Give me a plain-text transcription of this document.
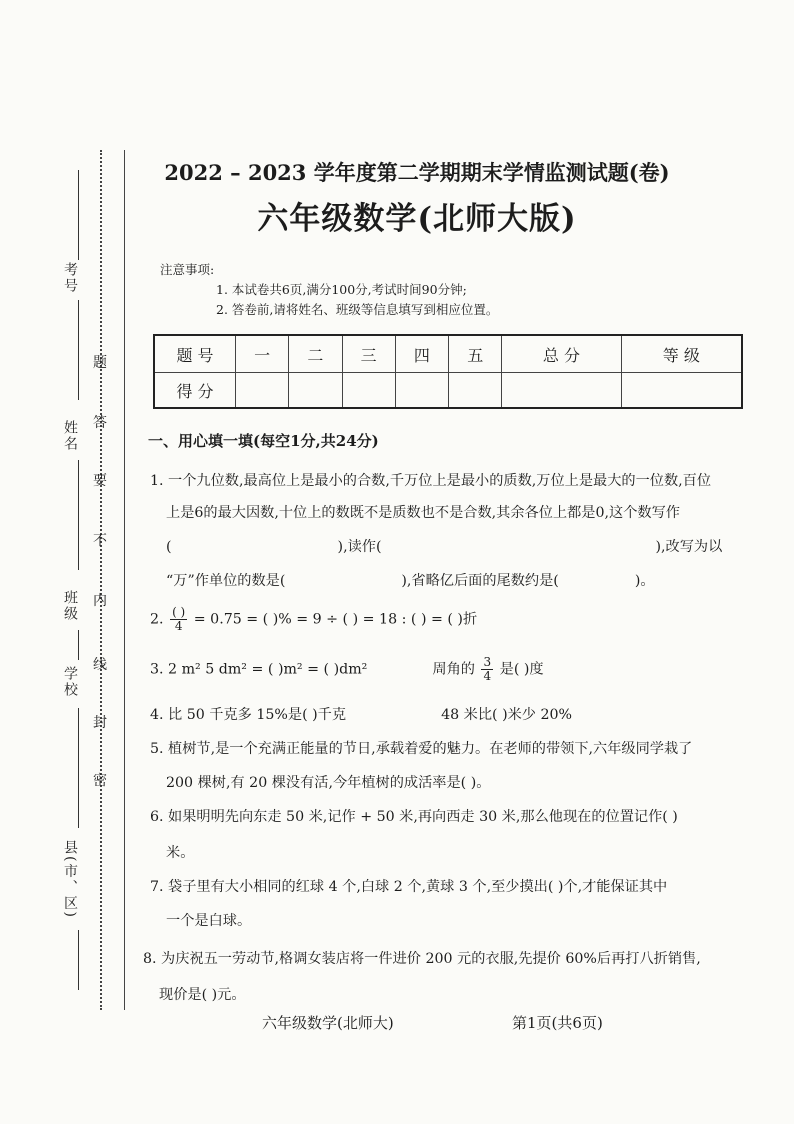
考号
姓名
班级
学校
县(市、区)
密
封
线
内
不
要
答
题
2022 – 2023 学年度第二学期期末学情监测试题(卷)
六年级数学(北师大版)
注意事项:
1. 本试卷共6页,满分100分,考试时间90分钟;
2. 答卷前,请将姓名、班级等信息填写到相应位置。
题 号	一	二	三	四	五	总 分	等 级
得 分							
一、用心填一填(每空1分,共24分)
1. 一个九位数,最高位上是最小的合数,千万位上是最小的质数,万位上是最大的一位数,百位
上是6的最大因数,十位上的数既不是质数也不是合数,其余各位上都是0,这个数写作
(	),读作(	),改写为以
“万”作单位的数是(	),省略亿后面的尾数约是(	)。
2. $\frac{( )}{4} = 0.75$ = ( )% = 9 ÷ ( ) = 18 : ( ) = ( )折
3. 2 m² 5 dm² = ( )m² = ( )dm²	周角的 $\frac{3}{4}$ 是( )度
4. 比 50 千克多 15%是( )千克	48 米比( )米少 20%
5. 植树节,是一个充满正能量的节日,承载着爱的魅力。在老师的带领下,六年级同学栽了
200 棵树,有 20 棵没有活,今年植树的成活率是( )。
6. 如果明明先向东走 50 米,记作 + 50 米,再向西走 30 米,那么他现在的位置记作( )
米。
7. 袋子里有大小相同的红球 4 个,白球 2 个,黄球 3 个,至少摸出( )个,才能保证其中
一个是白球。
8. 为庆祝五一劳动节,格调女装店将一件进价 200 元的衣服,先提价 60%后再打八折销售,
现价是( )元。
六年级数学(北师大)	第1页(共6页)
